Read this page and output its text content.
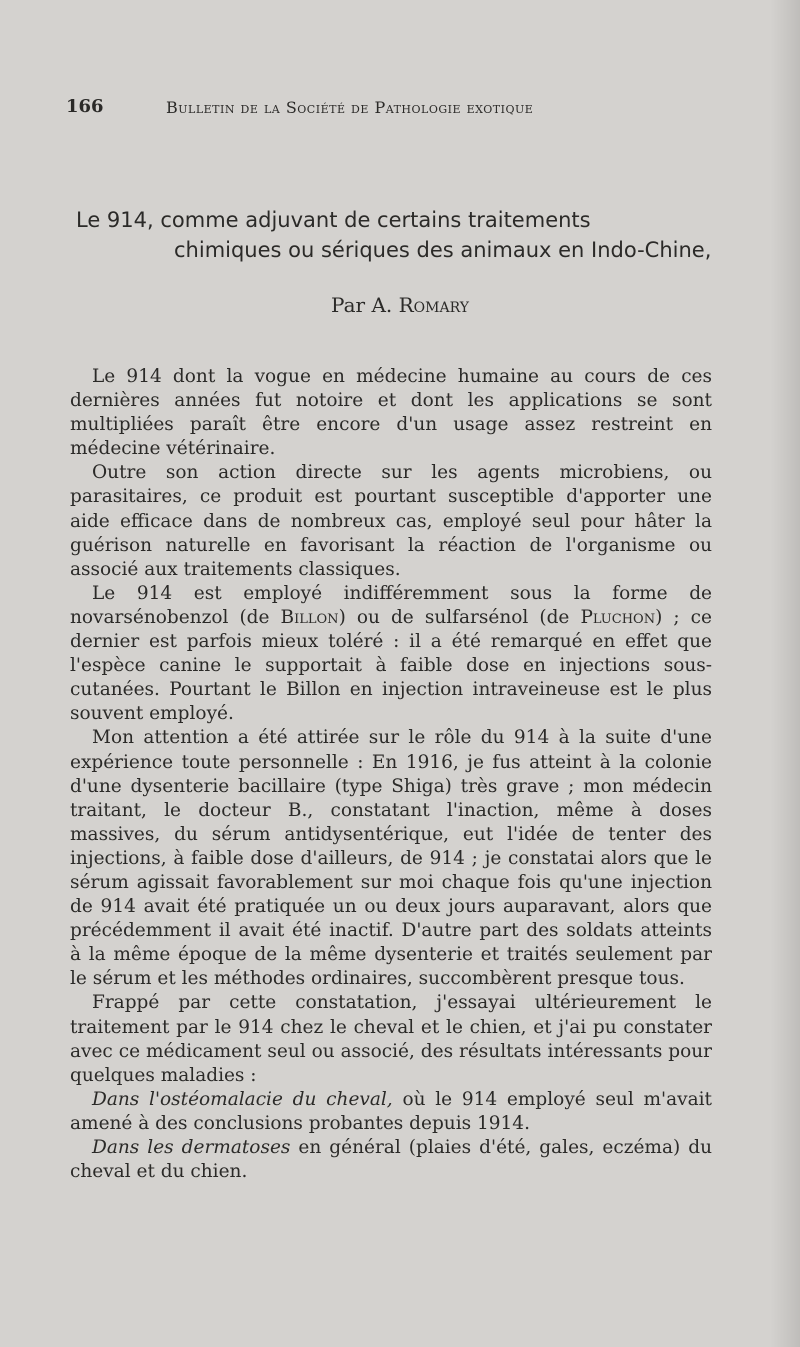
166	Bulletin de la Société de Pathologie exotique
Le 914, comme adjuvant de certains traitements
chimiques ou sériques des animaux en Indo-Chine,
Par A. Romary

Le 914 dont la vogue en médecine humaine au cours de ces dernières années fut notoire et dont les applications se sont multipliées paraît être encore d'un usage assez restreint en médecine vétérinaire.

Outre son action directe sur les agents microbiens, ou parasitaires, ce produit est pourtant susceptible d'apporter une aide efficace dans de nombreux cas, employé seul pour hâter la guérison naturelle en favorisant la réaction de l'organisme ou associé aux traitements classiques.

Le 914 est employé indifféremment sous la forme de novarsénobenzol (de Billon) ou de sulfarsénol (de Pluchon) ; ce dernier est parfois mieux toléré : il a été remarqué en effet que l'espèce canine le supportait à faible dose en injections sous-cutanées. Pourtant le Billon en injection intraveineuse est le plus souvent employé.

Mon attention a été attirée sur le rôle du 914 à la suite d'une expérience toute personnelle : En 1916, je fus atteint à la colonie d'une dysenterie bacillaire (type Shiga) très grave ; mon médecin traitant, le docteur B., constatant l'inaction, même à doses massives, du sérum antidysentérique, eut l'idée de tenter des injections, à faible dose d'ailleurs, de 914 ; je constatai alors que le sérum agissait favorablement sur moi chaque fois qu'une injection de 914 avait été pratiquée un ou deux jours auparavant, alors que précédemment il avait été inactif. D'autre part des soldats atteints à la même époque de la même dysenterie et traités seulement par le sérum et les méthodes ordinaires, succombèrent presque tous.

Frappé par cette constatation, j'essayai ultérieurement le traitement par le 914 chez le cheval et le chien, et j'ai pu constater avec ce médicament seul ou associé, des résultats intéressants pour quelques maladies :

Dans l'ostéomalacie du cheval, où le 914 employé seul m'avait amené à des conclusions probantes depuis 1914.

Dans les dermatoses en général (plaies d'été, gales, eczéma) du cheval et du chien.
